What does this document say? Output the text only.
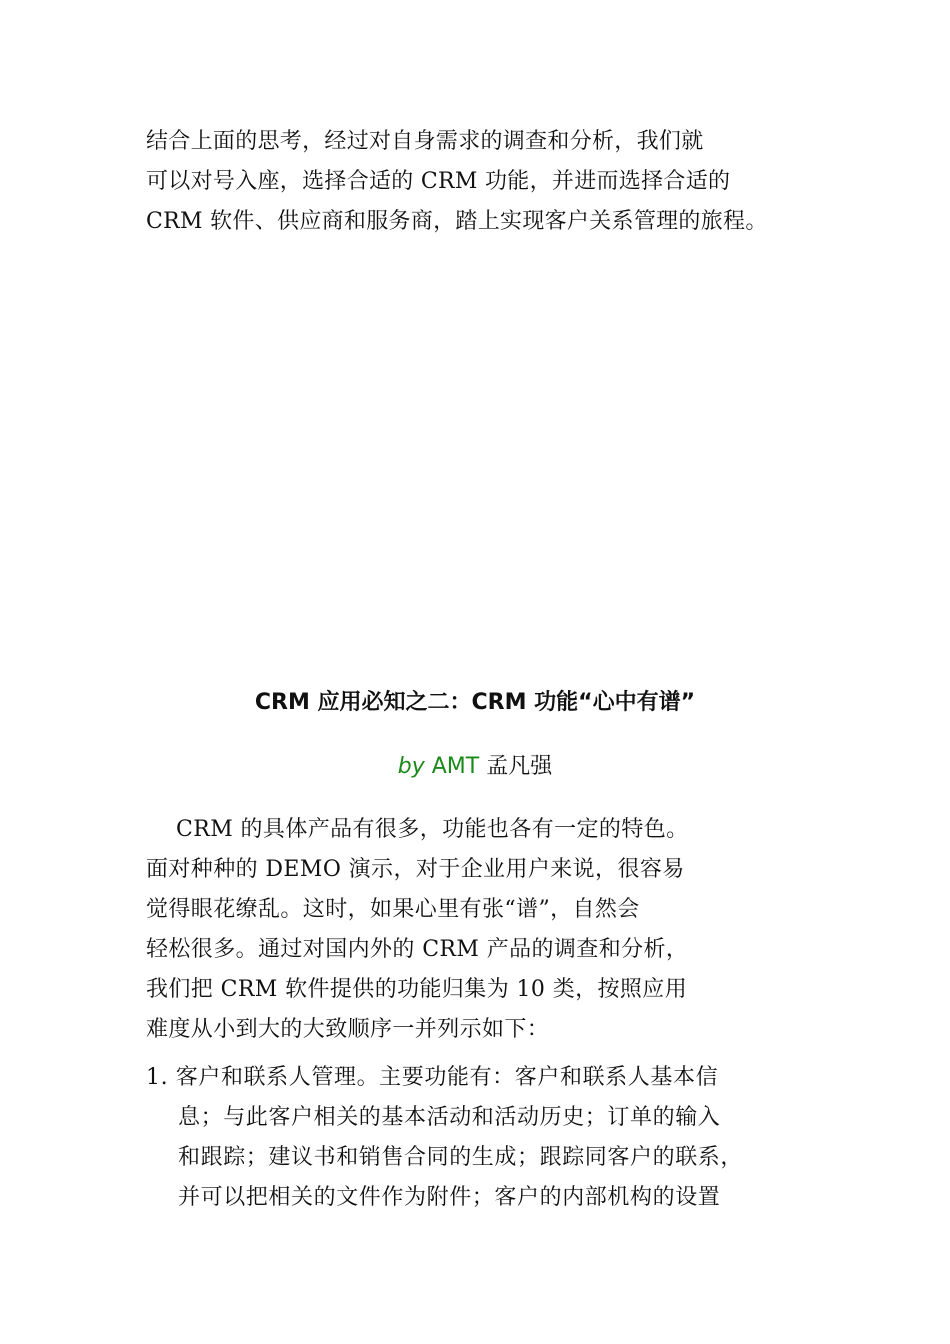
结合上面的思考，经过对自身需求的调查和分析，我们就
可以对号入座，选择合适的 CRM 功能，并进而选择合适的
CRM 软件、供应商和服务商，踏上实现客户关系管理的旅程。
CRM 应用必知之二：CRM 功能“心中有谱”
by AMT 孟凡强
CRM 的具体产品有很多，功能也各有一定的特色。
面对种种的 DEMO 演示，对于企业用户来说，很容易
觉得眼花缭乱。这时，如果心里有张“谱”，自然会
轻松很多。通过对国内外的 CRM 产品的调查和分析，
我们把 CRM 软件提供的功能归集为 10 类，按照应用
难度从小到大的大致顺序一并列示如下：
1. 客户和联系人管理。主要功能有：客户和联系人基本信
息；与此客户相关的基本活动和活动历史；订单的输入
和跟踪；建议书和销售合同的生成；跟踪同客户的联系，
并可以把相关的文件作为附件；客户的内部机构的设置
